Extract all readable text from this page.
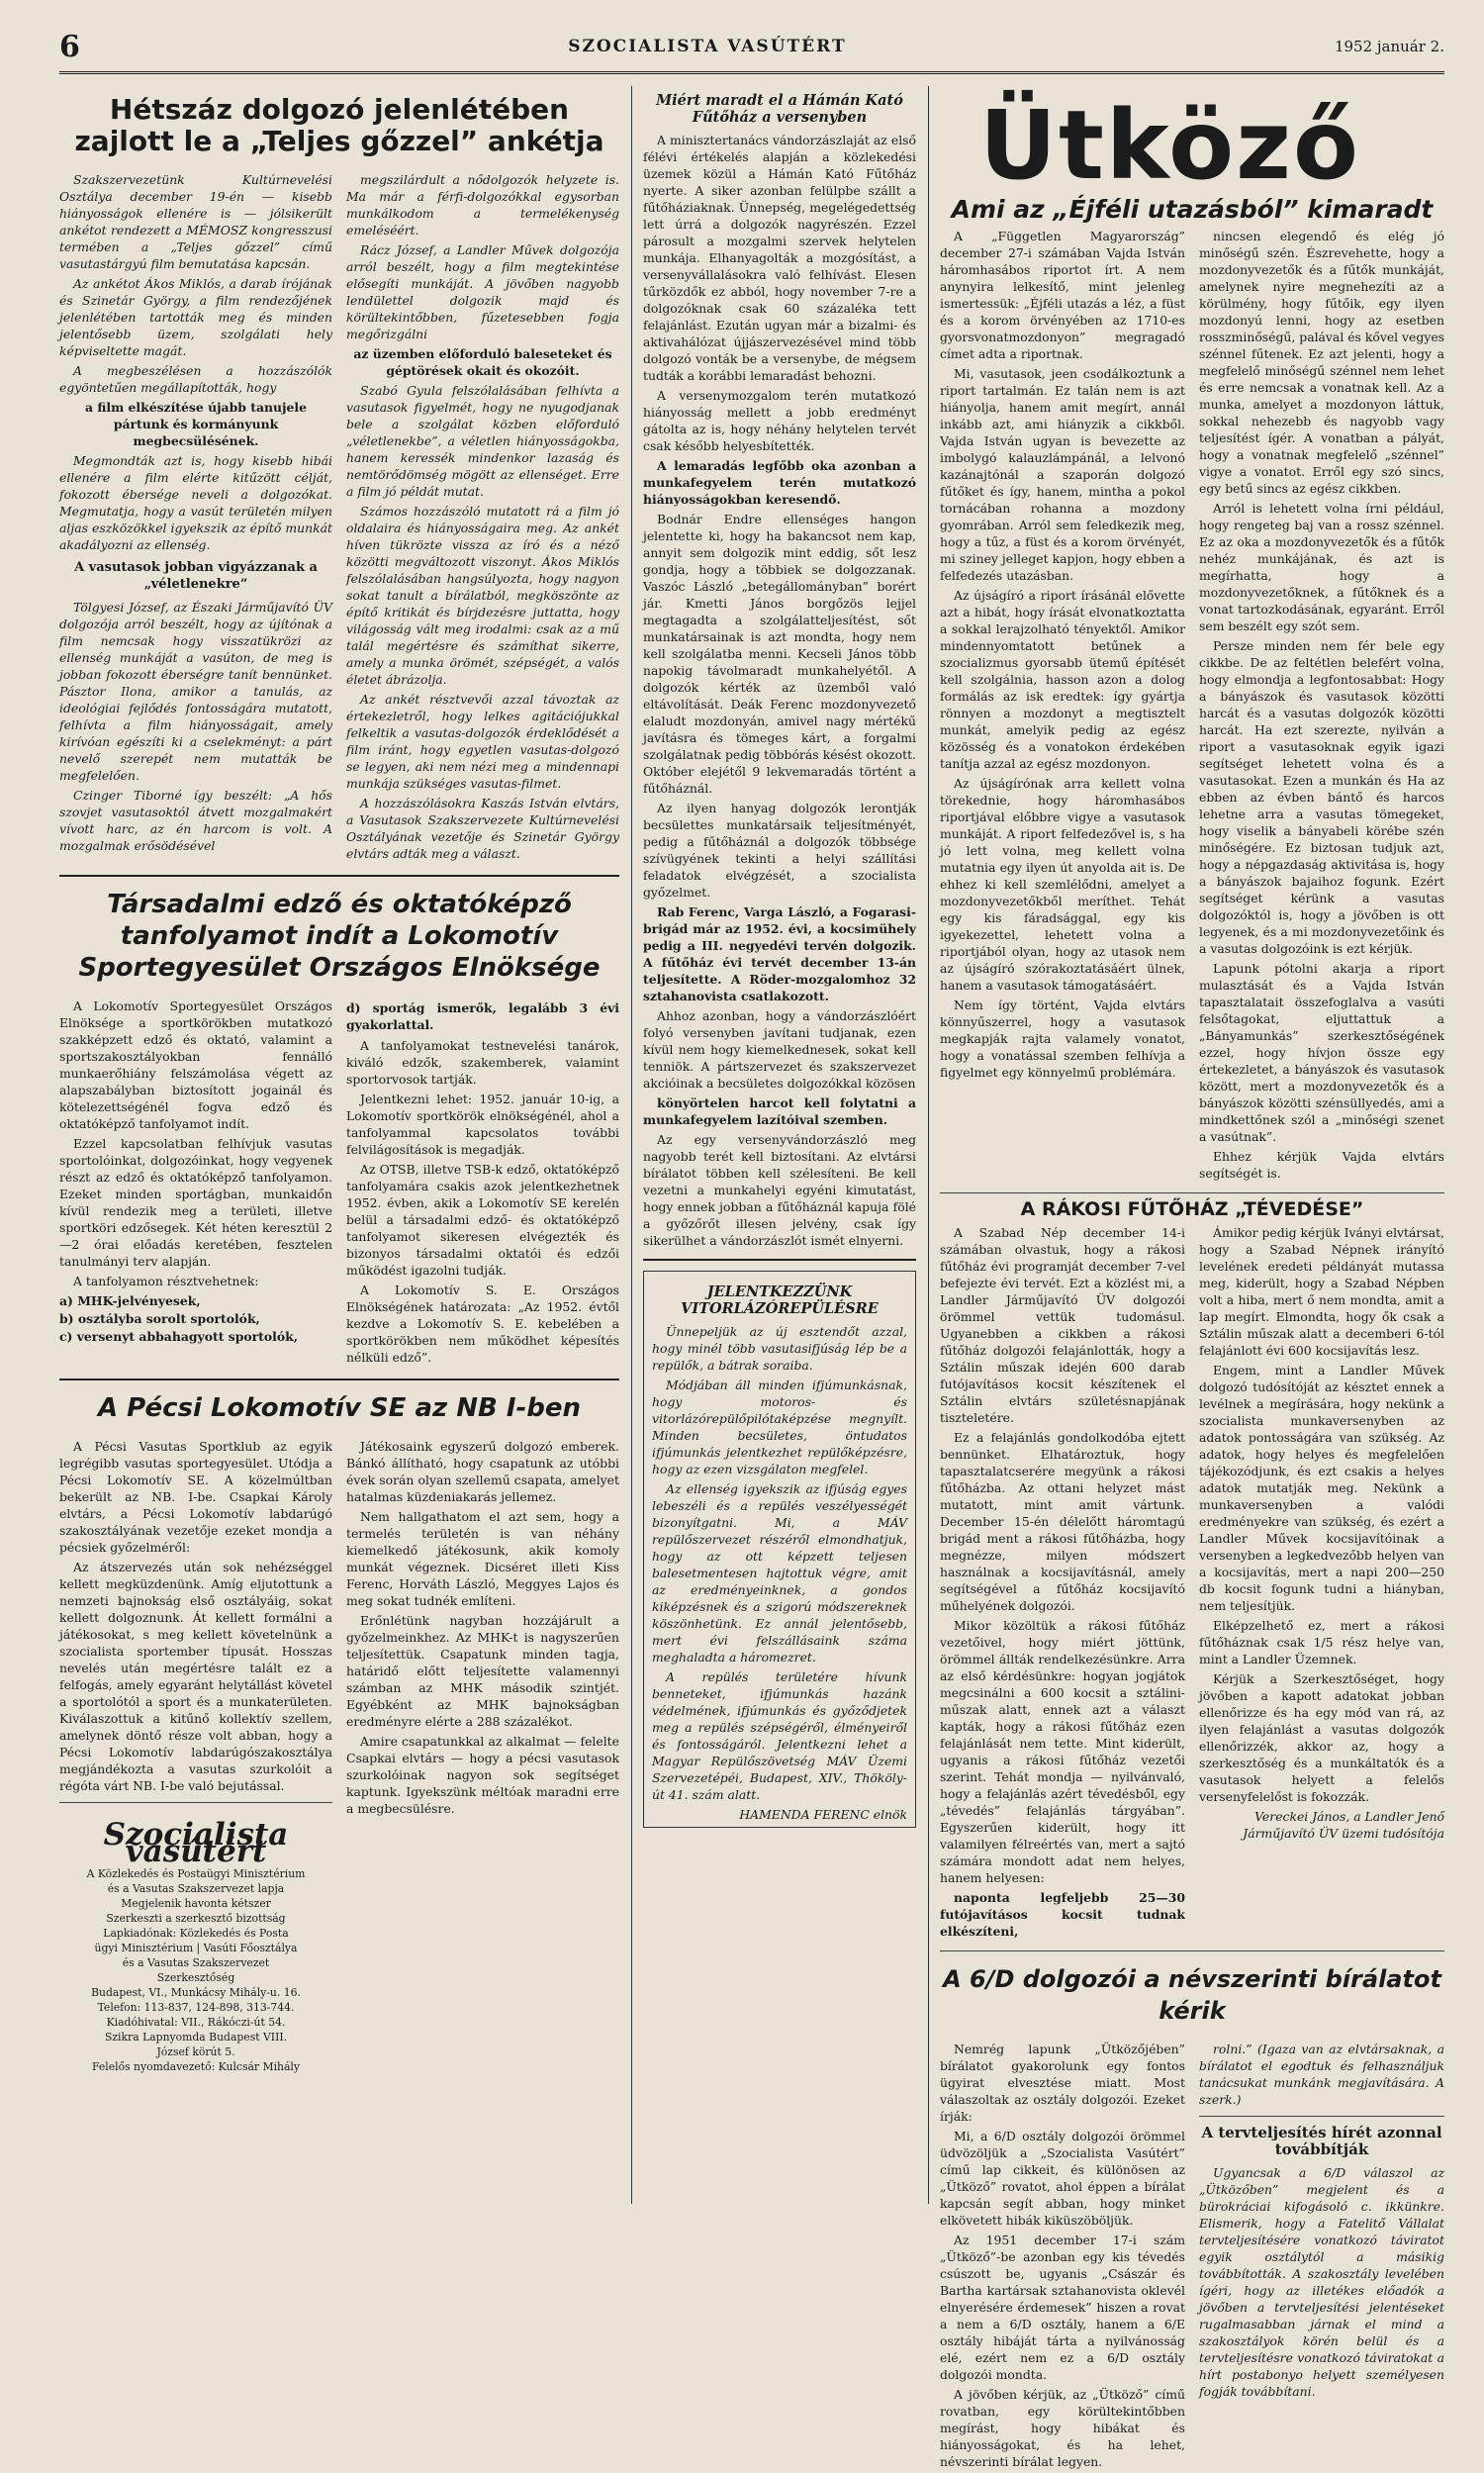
6	SZOCIALISTA VASÚTÉRT	1952 január 2.
Hétszáz dolgozó jelenlétében zajlott le a „Teljes gőzzel” ankétja

Szakszervezetünk Kultúrnevelési Osztálya december 19-én — kisebb hiányosságok ellenére is — jólsikerült ankétot rendezett a MÉMOSZ kongresszusi termében a „Teljes gőzzel” című vasutastárgyú film bemutatása kapcsán.

Az ankétot Ákos Miklós, a darab írójának és Szinetár György, a film rendezőjének jelenlétében tartották meg és minden jelentősebb üzem, szolgálati hely képviseltette magát.

A megbeszélésen a hozzászólók egyöntetűen megállapították, hogy

a film elkészítése újabb tanujele pártunk és kormányunk megbecsülésének.

Megmondták azt is, hogy kisebb hibái ellenére a film elérte kitűzött célját, fokozott ébersége neveli a dolgozókat. Megmutatja, hogy a vasút területén milyen aljas eszközökkel igyekszik az építő munkát akadályozni az ellenség.

A vasutasok jobban vigyázzanak a „véletlenekre”

Tölgyesi József, az Északi Járműjavító ÜV dolgozója arról beszélt, hogy az újítónak a film nemcsak hogy visszatükrözi az ellenség munkáját a vasúton, de meg is jobban fokozott éberségre tanít bennünket. Pásztor Ilona, amikor a tanulás, az ideológiai fejlődés fontosságára mutatott, felhívta a film hiányosságait, amely kirívóan egészíti ki a cselekményt: a párt nevelő szerepét nem mutatták be megfelelően.

Czinger Tiborné így beszélt: „A hős szovjet vasutasoktól átvett mozgalmakért vívott harc, az én harcom is volt. A mozgalmak erősödésével

megszilárdult a nődolgozók helyzete is. Ma már a férfi-dolgozókkal egysorban munkálkodom a termelékenység emeléséért.

Rácz József, a Landler Művek dolgozója arról beszélt, hogy a film megtekintése elősegíti munkáját. A jövőben nagyobb lendülettel dolgozik majd és körültekintőbben, fűzetesebben fogja megőrizgálni

az üzemben előforduló baleseteket és géptörések okait és okozóit.

Szabó Gyula felszólalásában felhívta a vasutasok figyelmét, hogy ne nyugodjanak bele a szolgálat közben előforduló „véletlenekbe”, a véletlen hiányosságokba, hanem keressék mindenkor lazaság és nemtörődömség mögött az ellenséget. Erre a film jó példát mutat.

Számos hozzászóló mutatott rá a film jó oldalaira és hiányosságaira meg. Az ankét híven tükrözte vissza az író és a néző közötti megváltozott viszonyt. Ákos Miklós felszólalásában hangsúlyozta, hogy nagyon sokat tanult a bírálatból, megköszönte az építő kritikát és bírjdezésre juttatta, hogy világosság vált meg irodalmi: csak az a mű talál megértésre és számíthat sikerre, amely a munka örömét, szépségét, a valós életet ábrázolja.

Az ankét résztvevői azzal távoztak az értekezletről, hogy lelkes agitációjukkal felkeltik a vasutas-dolgozók érdeklődését a film iránt, hogy egyetlen vasutas-dolgozó se legyen, aki nem nézi meg a mindennapi munkája szükséges vasutas-filmet.

A hozzászólásokra Kaszás István elvtárs, a Vasutasok Szakszervezete Kultúrnevelési Osztályának vezetője és Szinetár György elvtárs adták meg a választ.

Társadalmi edző és oktatóképző tanfolyamot indít a Lokomotív Sportegyesület Országos Elnöksége

A Lokomotív Sportegyesület Országos Elnöksége a sportkörökben mutatkozó szakképzett edző és oktató, valamint a sportszakosztályokban fennálló munkaerőhiány felszámolása végett az alapszabályban biztosított jogainál és kötelezettségénél fogva edző és oktatóképző tanfolyamot indít.

Ezzel kapcsolatban felhívjuk vasutas sportolóinkat, dolgozóinkat, hogy vegyenek részt az edző és oktatóképző tanfolyamon. Ezeket minden sportágban, munkaidőn kívül rendezik meg a területi, illetve sportköri edzősegek. Két héten keresztül 2—2 órai előadás keretében, fesztelen tanulmányi terv alapján.

A tanfolyamon résztvehetnek:

a) MHK-jelvényesek,
b) osztályba sorolt sportolók,
c) versenyt abbahagyott sportolók,
d) sportág ismerők, legalább 3 évi gyakorlattal.

A tanfolyamokat testnevelési tanárok, kiváló edzők, szakemberek, valamint sportorvosok tartják.

Jelentkezni lehet: 1952. január 10-ig, a Lokomotív sportkörök elnökségénél, ahol a tanfolyammal kapcsolatos további felvilágosítások is megadják.

Az OTSB, illetve TSB-k edző, oktatóképző tanfolyamára csakis azok jelentkezhetnek 1952. évben, akik a Lokomotív SE kerelén belül a társadalmi edző- és oktatóképző tanfolyamot sikeresen elvégezték és bizonyos társadalmi oktatói és edzői működést igazolni tudják.

A Lokomotív S. E. Országos Elnökségének határozata: „Az 1952. évtől kezdve a Lokomotív S. E. kebelében a sportkörökben nem működhet képesítés nélküli edző”.

A Pécsi Lokomotív SE az NB I-ben

A Pécsi Vasutas Sportklub az egyik legrégibb vasutas sportegyesület. Utódja a Pécsi Lokomotív SE. A közelmúltban bekerült az NB. I-be. Csapkai Károly elvtárs, a Pécsi Lokomotív labdarúgó szakosztályának vezetője ezeket mondja a pécsiek győzelméről:

Az átszervezés után sok nehézséggel kellett megküzdenünk. Amíg eljutottunk a nemzeti bajnokság első osztályáig, sokat kellett dolgoznunk. Át kellett formálni a játékosokat, s meg kellett követelnünk a szocialista sportember típusát. Hosszas nevelés után megértésre talált ez a felfogás, amely egyaránt helytállást követel a sportolótól a sport és a munkaterületen. Kiválaszottuk a kitűnő kollektív szellem, amelynek döntő része volt abban, hogy a Pécsi Lokomotív labdarúgószakosztálya megjándékozta a vasutas szurkolóit a régóta várt NB. I-be való bejutással.

Szocialista vasútért
A Közlekedés és Postaügyi Minisztérium
és a Vasutas Szakszervezet lapja
Megjelenik havonta kétszer
Szerkeszti a szerkesztő bizottság
Lapkiadónak: Közlekedés és Posta
ügyi Minisztérium | Vasúti Főosztálya
és a Vasutas Szakszervezet
Szerkesztőség
Budapest, VI., Munkácsy Mihály-u. 16.
Telefon: 113-837, 124-898, 313-744.
Kiadóhivatal: VII., Rákóczi-út 54.
Szikra Lapnyomda Budapest VIII.
József körút 5.
Felelős nyomdavezető: Kulcsár Mihály

Játékosaink egyszerű dolgozó emberek. Bánkó állítható, hogy csapatunk az utóbbi évek során olyan szellemű csapata, amelyet hatalmas küzdeniakarás jellemez.

Nem hallgathatom el azt sem, hogy a termelés területén is van néhány kiemelkedő játékosunk, akik komoly munkát végeznek. Dicséret illeti Kiss Ferenc, Horváth László, Meggyes Lajos és meg sokat tudnék említeni.

Erőnlétünk nagyban hozzájárult a győzelmeinkhez. Az MHK-t is nagyszerűen teljesítettük. Csapatunk minden tagja, határidő előtt teljesítette valamennyi számban az MHK második szintjét. Egyébként az MHK bajnokságban eredményre elérte a 288 százalékot.

Amire csapatunkkal az alkalmat — felelte Csapkai elvtárs — hogy a pécsi vasutasok szurkolóinak nagyon sok segítséget kaptunk. Igyekszünk méltóak maradni erre a megbecsülésre.

Miért maradt el a Hámán Kató Fűtőház a versenyben

A minisztertanács vándorzászlaját az első félévi értékelés alapján a közlekedési üzemek közül a Hámán Kató Fűtőház nyerte. A siker azonban felülpbe szállt a fűtőháziaknak. Ünnepség, megelégedettség lett úrrá a dolgozók nagyrészén. Ezzel párosult a mozgalmi szervek helytelen munkája. Elhanyagolták a mozgósítást, a versenyvállalásokra való felhívást. Elesen tűrközdők ez abból, hogy november 7-re a dolgozóknak csak 60 százaléka tett felajánlást. Ezután ugyan már a bizalmi- és aktivahálózat újjászervezésével mind több dolgozó vonták be a versenybe, de mégsem tudták a korábbi lemaradást behozni.

A versenymozgalom terén mutatkozó hiányosság mellett a jobb eredményt gátolta az is, hogy néhány helytelen tervét csak később helyesbítették.

A lemaradás legfőbb oka azonban a munkafegyelem terén mutatkozó hiányosságokban keresendő.

Bodnár Endre ellenséges hangon jelentette ki, hogy ha bakancsot nem kap, annyit sem dolgozik mint eddig, sőt lesz gondja, hogy a többiek se dolgozzanak. Vaszóc László „betegállományban” borért jár. Kmetti János borgőzös lejjel megtagadta a szolgálatteljesítést, sőt munkatársainak is azt mondta, hogy nem kell szolgálatba menni. Kecseli János több napokig távolmaradt munkahelyétől. A dolgozók kérték az üzemből való eltávolítását. Deák Ferenc mozdonyvezető elaludt mozdonyán, amivel nagy mértékű javításra és tömeges kárt, a forgalmi szolgálatnak pedig többórás késést okozott. Október elejétől 9 lekvemaradás történt a fűtőháznál.

Az ilyen hanyag dolgozók lerontják becsülettes munkatársaik teljesítményét, pedig a fűtőháznál a dolgozók többsége szívügyének tekinti a helyi szállítási feladatok elvégzését, a szocialista győzelmet.

Rab Ferenc, Varga László, a Fogarasi-brigád már az 1952. évi, a kocsimühely pedig a III. negyedévi tervén dolgozik. A fűtőház évi tervét december 13-án teljesítette. A Röder-mozgalomhoz 32 sztahanovista csatlakozott.

Ahhoz azonban, hogy a vándorzászlóért folyó versenyben javítani tudjanak, ezen kívül nem hogy kiemelkednesek, sokat kell tenniök. A pártszervezet és szakszervezet akcióinak a becsületes dolgozókkal közösen

könyörtelen harcot kell folytatni a munkafegyelem lazítóival szemben.

Az egy versenyvándorzászló meg nagyobb terét kell biztosítani. Az elvtársi bírálatot többen kell szélesíteni. Be kell vezetni a munkahelyi egyéni kimutatást, hogy ennek jobban a fűtőháznál kapuja fölé a győzőrőt illesen jelvény, csak így sikerülhet a vándorzászlót ismét elnyerni.

JELENTKEZZÜNK VITORLÁZÓREPÜLÉSRE

Ünnepeljük az új esztendőt azzal, hogy minél több vasutasifjúság lép be a repülők, a bátrak soraiba.

Módjában áll minden ifjúmunkásnak, hogy motoros- és vitorlázórepülőpilótaképzése megnyílt. Minden becsületes, öntudatos ifjúmunkás jelentkezhet repülőképzésre, hogy az ezen vizsgálaton megfelel.

Az ellenség igyekszik az ifjúság egyes lebeszéli és a repülés veszélyességét bizonyítgatni. Mi, a MÁV repülőszervezet részéről elmondhatjuk, hogy az ott képzett teljesen balesetmentesen hajtottuk végre, amit az eredményeinknek, a gondos kiképzésnek és a szigorú módszereknek köszönhetünk. Ez annál jelentősebb, mert évi felszállásaink száma meghaladta a háromezret.

A repülés területére hívunk benneteket, ifjúmunkás hazánk védelmének, ifjúmunkás és győződjetek meg a repülés szépségéről, élményeiről és fontosságáról. Jelentkezni lehet a Magyar Repülőszövetség MÁV Üzemi Szervezetépéi, Budapest, XIV., Thököly-út 41. szám alatt.

HAMENDA FERENC elnök
Ütköző
Ami az „Éjféli utazásból” kimaradt

A „Független Magyarország” december 27-i számában Vajda István háromhasábos riportot írt. A nem anynyira lelkesítő, mint jelenleg ismertessük: „Éjféli utazás a léz, a füst és a korom örvényében az 1710-es gyorsvonatmozdonyon” megragadó címet adta a riportnak.

Mi, vasutasok, jeen csodálkoztunk a riport tartalmán. Ez talán nem is azt hiányolja, hanem amit megírt, annál inkább azt, ami hiányzik a cikkből. Vajda István ugyan is bevezette az imbolygó kalauzlámpánál, a lelvonó kazánajtónál a szaporán dolgozó fűtőket és így, hanem, mintha a pokol tornácában rohanna a mozdony gyomrában. Arról sem feledkezik meg, hogy a tűz, a füst és a korom örvényét, mi sziney jelleget kapjon, hogy ebben a felfedezés utazásban.

Az újságíró a riport írásánál elővette azt a hibát, hogy írását elvonatkoztatta a sokkal lerajzolható tényektől. Amikor mindennyomtatott betűnek a szocializmus gyorsabb ütemű építését kell szolgálnia, hasson azon a dolog formálás az isk eredtek: így gyártja rönnyen a mozdonyt a megtisztelt munkát, amelyik pedig az egész közösség és a vonatokon érdekében tanítja azzal az egész mozdonyon.

Az újságírónak arra kellett volna törekednie, hogy háromhasábos riportjával előbbre vigye a vasutasok munkáját. A riport felfedezővel is, s ha jó lett volna, meg kellett volna mutatnia egy ilyen út anyolda ait is. De ehhez ki kell szemlélődni, amelyet a mozdonyvezetőkből meríthet. Tehát egy kis fáradsággal, egy kis igyekezettel, lehetett volna a riportjából olyan, hogy az utasok nem az újságíró szórakoztatásáért ülnek, hanem a vasutasok támogatásáért.

Nem így történt, Vajda elvtárs könnyűszerrel, hogy a vasutasok megkapják rajta valamely vonatot, hogy a vonatással szemben felhívja a figyelmet egy könnyelmű problémára.

nincsen elegendő és elég jó minőségű szén. Észrevehette, hogy a mozdonyvezetők és a fűtők munkáját, amelynek nyire megnehezíti az a körülmény, hogy fűtőik, egy ilyen mozdonyú lenni, hogy az esetben rosszminőségű, palával és kővel vegyes szénnel fűtenek. Ez azt jelenti, hogy a megfelelő minőségű szénnel nem lehet és erre nemcsak a vonatnak kell. Az a munka, amelyet a mozdonyon láttuk, sokkal nehezebb és nagyobb vagy teljesítést ígér. A vonatban a pályát, hogy a vonatnak megfelelő „szénnel” vigye a vonatot. Erről egy szó sincs, egy betű sincs az egész cikkben.

Arról is lehetett volna írni például, hogy rengeteg baj van a rossz szénnel. Ez az oka a mozdonyvezetők és a fűtők nehéz munkájának, és azt is megírhatta, hogy a mozdonyvezetőknek, a fűtőknek és a vonat tartozkodásának, egyaránt. Erről sem beszélt egy szót sem.

Persze minden nem fér bele egy cikkbe. De az feltétlen belefért volna, hogy elmondja a legfontosabbat: Hogy a bányászok és vasutasok közötti harcát és a vasutas dolgozók közötti harcát. Ha ezt szerezte, nyilván a riport a vasutasoknak egyik igazi segítséget lehetett volna és a vasutasokat. Ezen a munkán és Ha az ebben az évben bántő és harcos lehetne arra a vasutas tömegeket, hogy viselik a bányabeli körébe szén minőségére. Ez biztosan tudjuk azt, hogy a népgazdaság aktivitása is, hogy a bányászok bajaihoz fogunk. Ezért segítséget kérünk a vasutas dolgozóktól is, hogy a jövőben is ott legyenek, és a mi mozdonyvezetőink és a vasutas dolgozóink is ezt kérjük.

Lapunk pótolni akarja a riport mulasztását és a Vajda István tapasztalatait összefoglalva a vasúti felsőtagokat, eljuttattuk a „Bányamunkás” szerkesztőségének ezzel, hogy hívjon össze egy értekezletet, a bányászok és vasutasok között, mert a mozdonyvezetők és a bányászok közötti szénsüllyedés, ami a mindkettőnek szól a „minőségi szenet a vasútnak”.

Ehhez kérjük Vajda elvtárs segítségét is.

A RÁKOSI FŰTŐHÁZ „TÉVEDÉSE”

A Szabad Nép december 14-i számában olvastuk, hogy a rákosi fűtőház évi programját december 7-vel befejezte évi tervét. Ezt a közlést mi, a Landler Járműjavító ÜV dolgozói örömmel vettük tudomásul. Ugyanebben a cikkben a rákosi fűtőház dolgozói felajánlották, hogy a Sztálin műszak idején 600 darab futójavításos kocsit készítenek el Sztálin elvtárs születésnapjának tiszteletére.

Ez a felajánlás gondolkodóba ejtett bennünket. Elhatároztuk, hogy tapasztalatcserére megyünk a rákosi fűtőházba. Az ottani helyzet mást mutatott, mint amit vártunk. December 15-én délelőtt háromtagú brigád ment a rákosi fűtőházba, hogy megnézze, milyen módszert használnak a kocsijavításnál, amely segítségével a fűtőház kocsijavító műhelyének dolgozói.

Mikor közöltük a rákosi fűtőház vezetőivel, hogy miért jöttünk, örömmel állták rendelkezésünkre. Arra az első kérdésünkre: hogyan jogjátok megcsinálni a 600 kocsit a sztálini-műszak alatt, ennek azt a választ kapták, hogy a rákosi fűtőház ezen felajánlását nem tette. Mint kiderült, ugyanis a rákosi fűtőház vezetői szerint. Tehát mondja — nyilvánvaló, hogy a felajánlás azért tévedésből, egy „tévedés” felajánlás tárgyában”. Egyszerűen kiderült, hogy itt valamilyen félreértés van, mert a sajtó számára mondott adat nem helyes, hanem helyesen:

naponta legfeljebb 25—30 futójavításos kocsit tudnak elkészíteni,

Ámikor pedig kérjük Iványi elvtársat, hogy a Szabad Népnek irányító levelének eredeti példányát mutassa meg, kiderült, hogy a Szabad Népben volt a hiba, mert ő nem mondta, amit a lap megírt. Elmondta, hogy ők csak a Sztálin műszak alatt a decemberi 6-tól felajánlott évi 600 kocsijavítás lesz.

Engem, mint a Landler Művek dolgozó tudósítóját az késztet ennek a levélnek a megírására, hogy nekünk a szocialista munkaversenyben az adatok pontosságára van szükség. Az adatok, hogy helyes és megfelelően tájékozódjunk, és ezt csakis a helyes adatok mutatják meg. Nekünk a munkaversenyben a valódi eredményekre van szükség, és ezért a Landler Művek kocsijavítóinak a versenyben a legkedvezőbb helyen van a kocsijavítás, mert a napi 200—250 db kocsit fogunk tudni a hiányban, nem teljesítjük.

Elképzelhető ez, mert a rákosi fűtőháznak csak 1/5 rész helye van, mint a Landler Üzemnek.

Kérjük a Szerkesztőséget, hogy jövőben a kapott adatokat jobban ellenőrizze és ha egy mód van rá, az ilyen felajánlást a vasutas dolgozók ellenőrizzék, akkor az, hogy a szerkesztőség és a munkáltatók és a vasutasok helyett a felelős versenyfelelőst is fokozzák.

Vereckei János, a Landler Jenő Járműjavító ÜV üzemi tudósítója
A 6/D dolgozói a névszerinti bírálatot kérik

Nemrég lapunk „Ütközőjében” bírálatot gyakorolunk egy fontos ügyirat elvesztése miatt. Most válaszoltak az osztály dolgozói. Ezeket írják:

Mi, a 6/D osztály dolgozói örömmel üdvözöljük a „Szocialista Vasútért” című lap cikkeit, és különösen az „Ütköző” rovatot, ahol éppen a bírálat kapcsán segít abban, hogy minket elkövetett hibák kiküszöböljük.

Az 1951 december 17-i szám „Ütköző”-be azonban egy kis tévedés csúszott be, ugyanis „Császár és Bartha kartársak sztahanovista oklevél elnyerésére érdemesek” hiszen a rovat a nem a 6/D osztály, hanem a 6/E osztály hibáját tárta a nyilvánosság elé, ezért nem ez a 6/D osztály dolgozói mondta.

A jövőben kérjük, az „Ütköző” című rovatban, egy körültekintőbben megírást, hogy hibákat és hiányosságokat, és ha lehet, névszerinti bírálat legyen.

rolni.” (Igaza van az elvtársaknak, a bírálatot el egodtuk és felhasználjuk tanácsukat munkánk megjavítására. A szerk.)

A tervteljesítés hírét azonnal továbbítják

Ugyancsak a 6/D válaszol az „Ütközőben” megjelent és a bürokráciai kifogásoló c. ikkünkre. Elismerik, hogy a Fatelitő Vállalat tervteljesítésére vonatkozó táviratot egyik osztálytól a másikig továbbították. A szakosztály levelében ígéri, hogy az illetékes előadók a jövőben a tervteljesítési jelentéseket rugalmasabban járnak el mind a szakosztályok körén belül és a tervteljesítésre vonatkozó táviratokat a hírt postabonyo helyett személyesen fogják továbbítani.
